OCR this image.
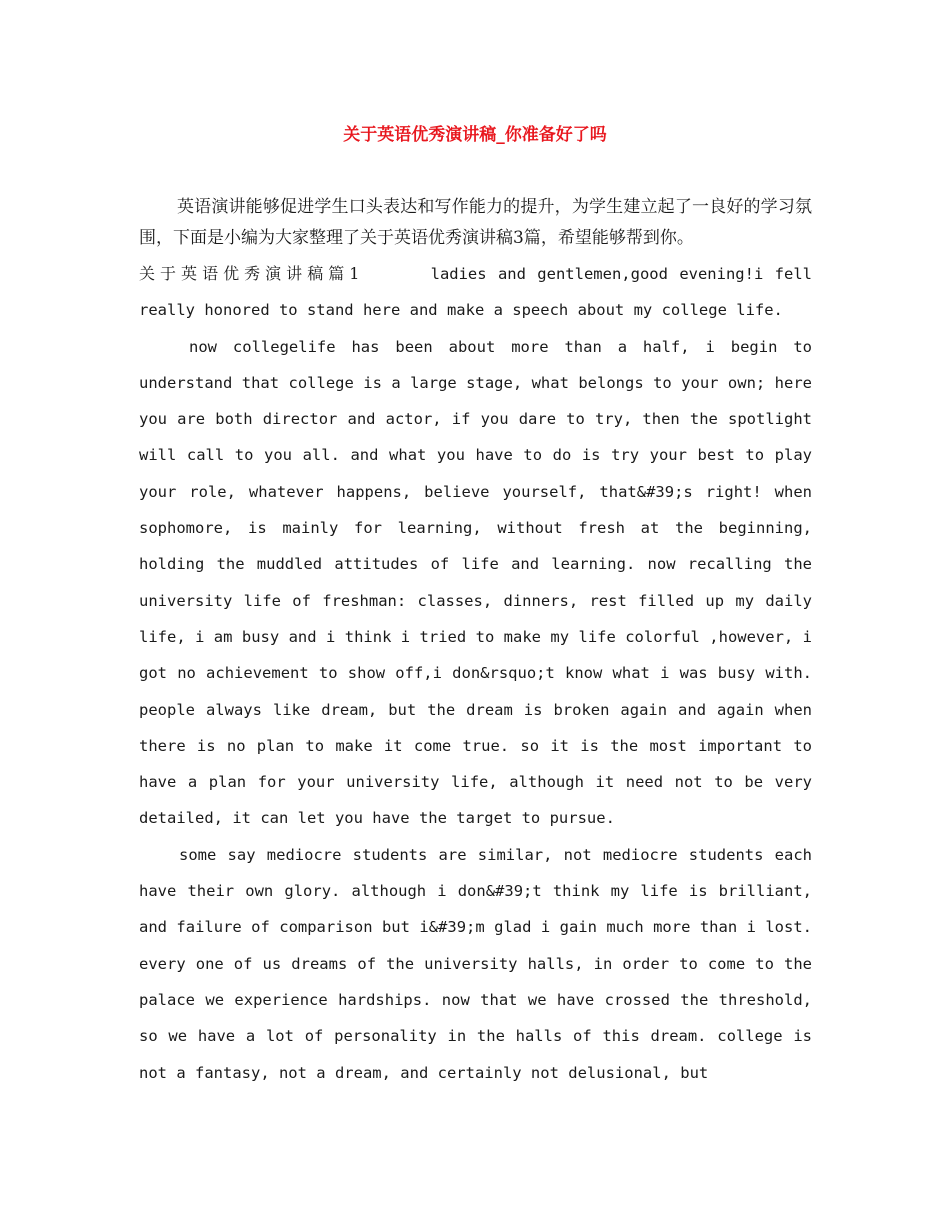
关于英语优秀演讲稿_你准备好了吗

英语演讲能够促进学生口头表达和写作能力的提升，为学生建立起了一良好的学习氛围，下面是小编为大家整理了关于英语优秀演讲稿3篇，希望能够帮到你。

关于英语优秀演讲稿篇1	ladies and gentlemen,good evening!i fell really honored to stand here and make a speech about my college life.

now collegelife has been about more than a half, i begin to understand that college is a large stage, what belongs to your own; here you are both director and actor, if you dare to try, then the spotlight will call to you all. and what you have to do is try your best to play your role, whatever happens, believe yourself, that&#39;s right! when sophomore, is mainly for learning, without fresh at the beginning, holding the muddled attitudes of life and learning. now recalling the university life of freshman: classes, dinners, rest filled up my daily life, i am busy and i think i tried to make my life colorful ,however, i got no achievement to show off,i don&rsquo;t know what i was busy with. people always like dream, but the dream is broken again and again when there is no plan to make it come true. so it is the most important to have a plan for your university life, although it need not to be very detailed, it can let you have the target to pursue.

some say mediocre students are similar, not mediocre students each have their own glory. although i don&#39;t think my life is brilliant, and failure of comparison but i&#39;m glad i gain much more than i lost. every one of us dreams of the university halls, in order to come to the palace we experience hardships. now that we have crossed the threshold, so we have a lot of personality in the halls of this dream. college is not a fantasy, not a dream, and certainly not delusional, but
